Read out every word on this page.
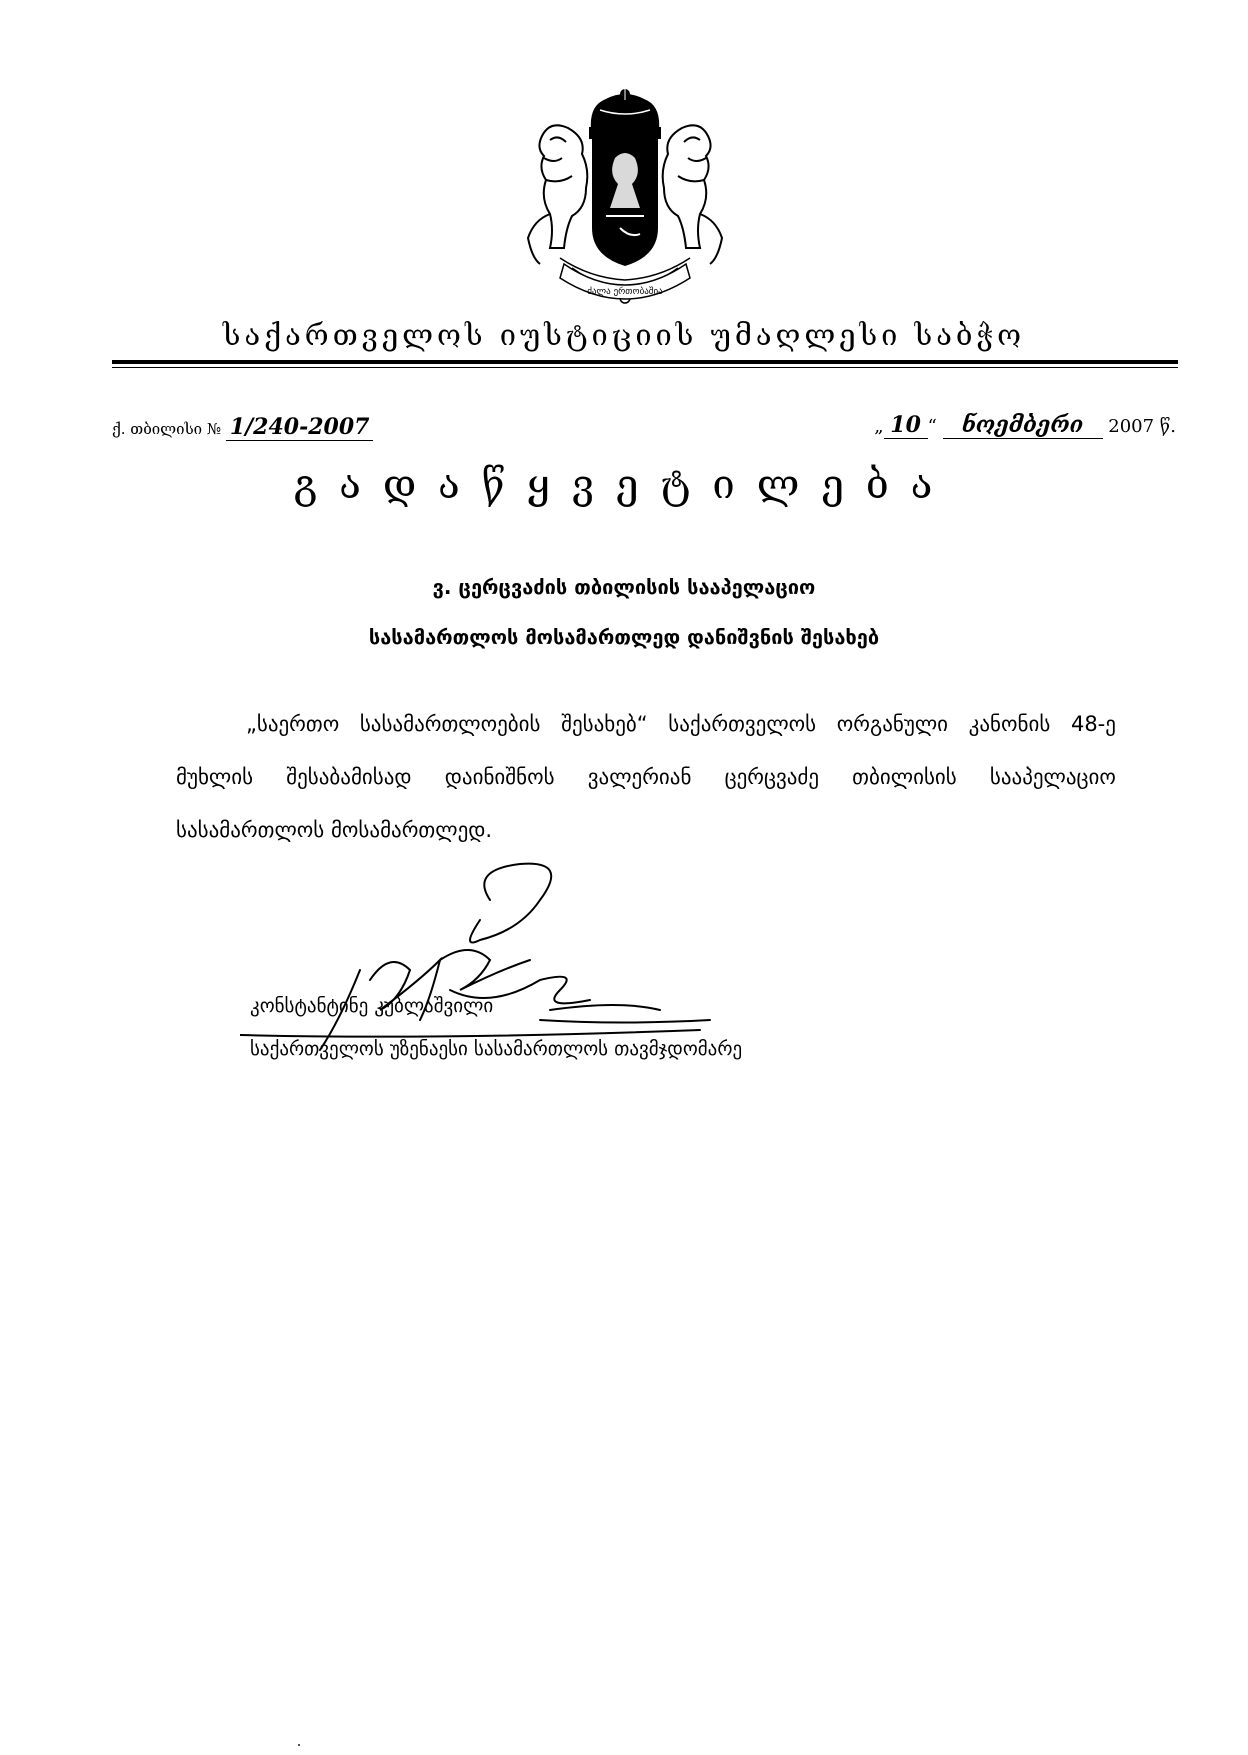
ძალა ერთობაშია
საქართველოს იუსტიციის უმაღლესი საბჭო
ქ. თბილისი № 1/240-2007	„ 10 “ ნოემბერი 2007 წ.
გადაწყვეტილება
ვ. ცერცვაძის თბილისის სააპელაციო
სასამართლოს მოსამართლედ დანიშვნის შესახებ
„საერთო სასამართლოების შესახებ“ საქართველოს ორგანული კანონის 48-ე
მუხლის შესაბამისად დაინიშნოს ვალერიან ცერცვაძე თბილისის სააპელაციო
სასამართლოს მოსამართლედ.
კონსტანტინე კუბლაშვილი
საქართველოს უზენაესი სასამართლოს თავმჯდომარე
